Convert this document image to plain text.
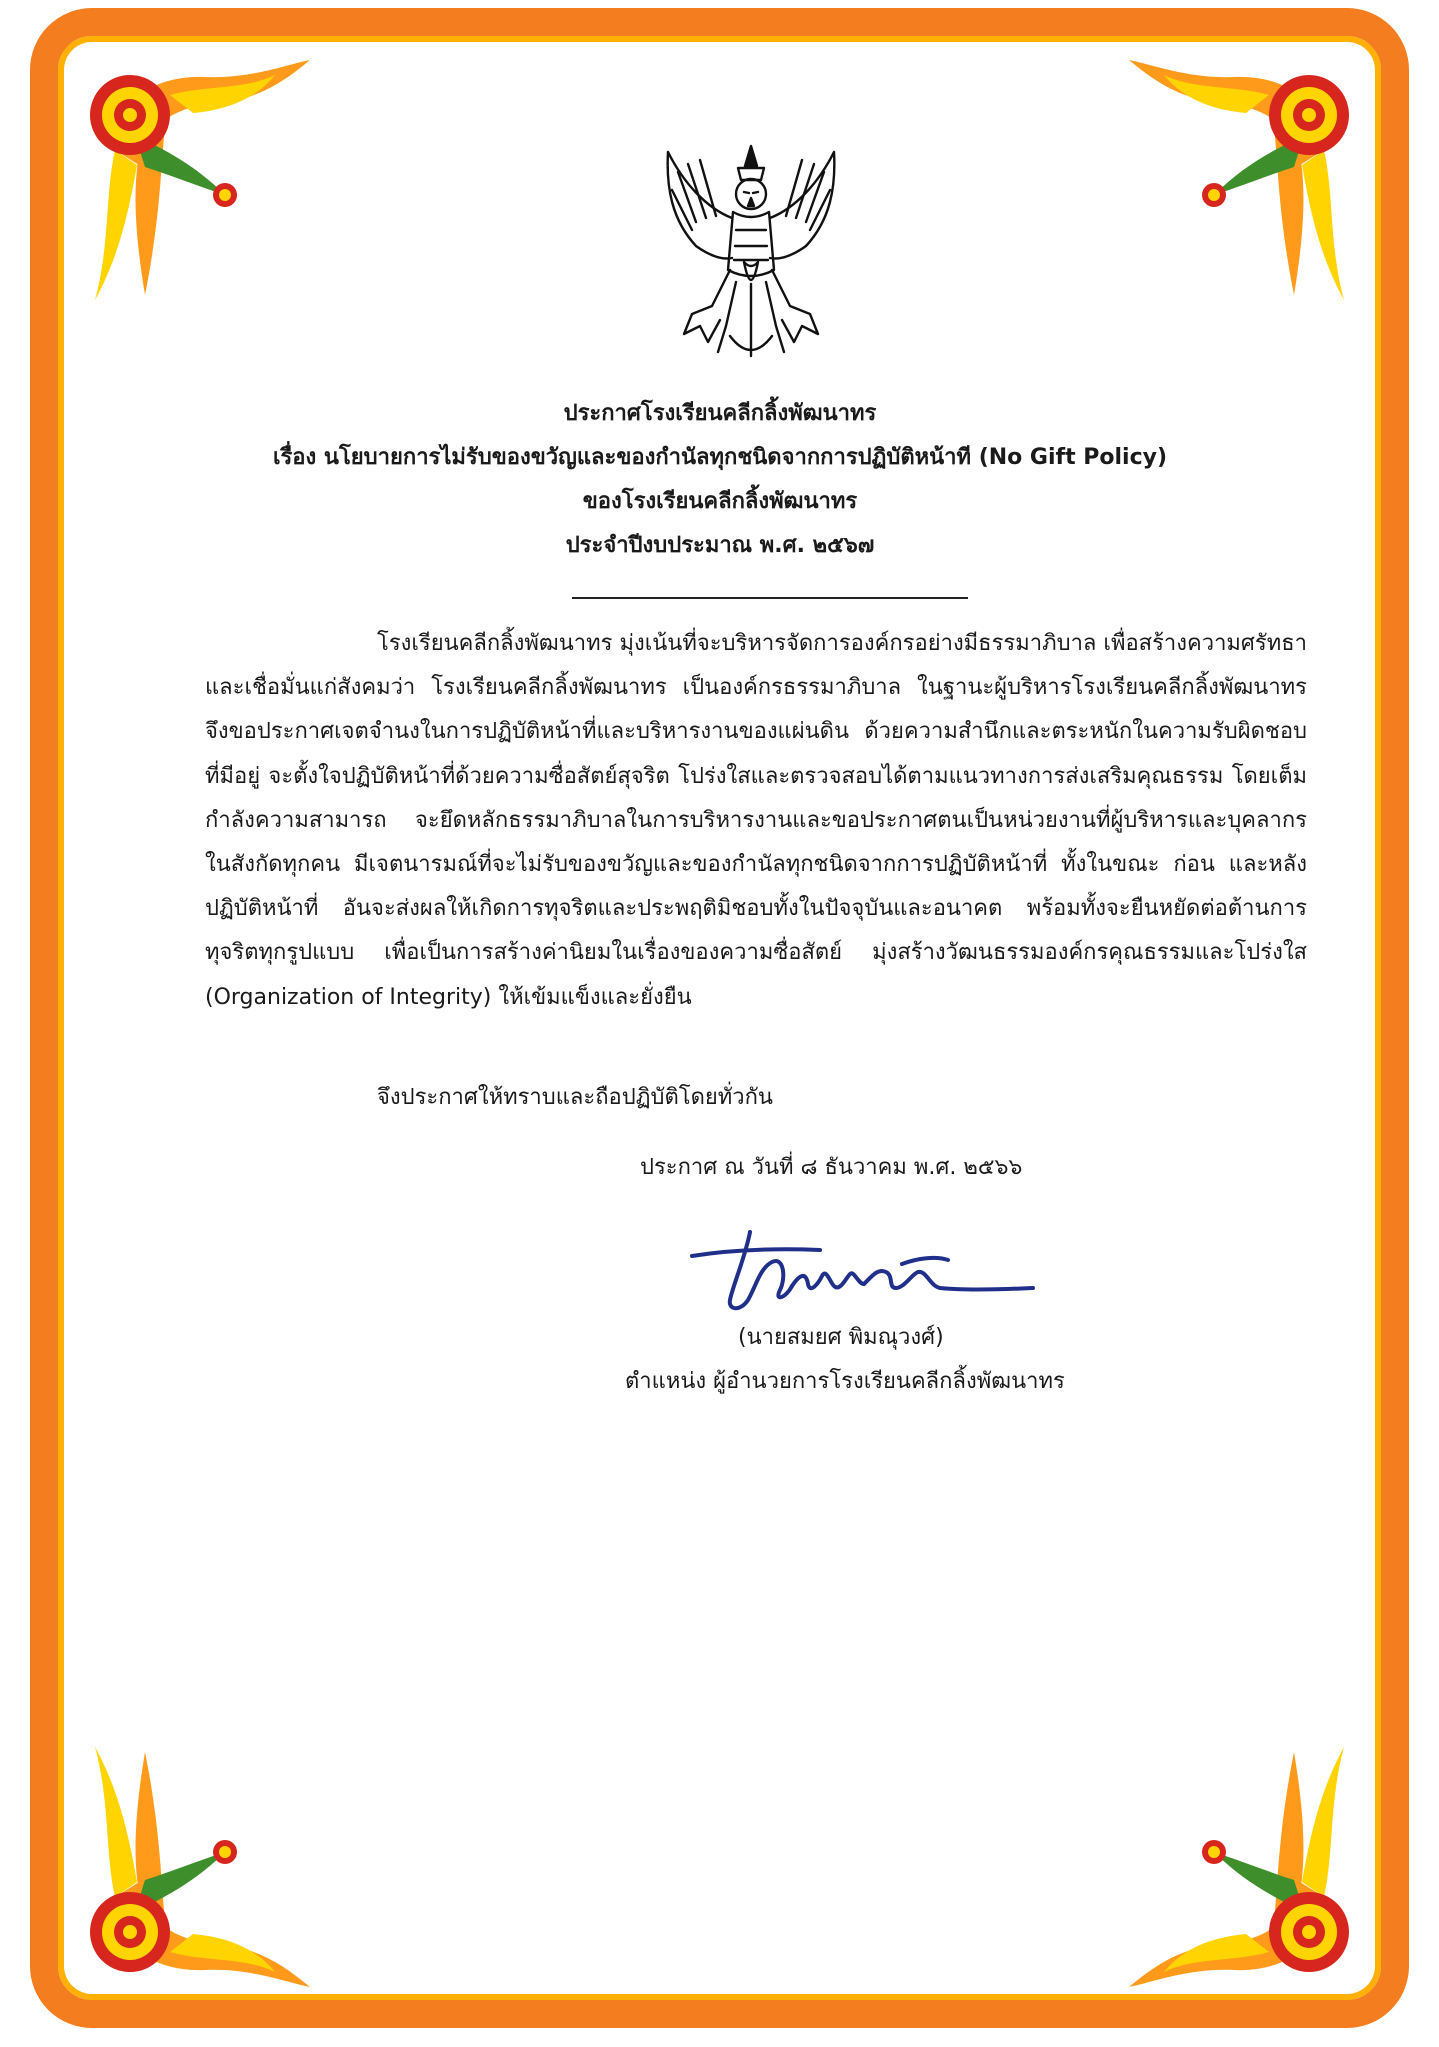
ประกาศโรงเรียนคลีกลิ้งพัฒนาทร
เรื่อง นโยบายการไม่รับของขวัญและของกำนัลทุกชนิดจากการปฏิบัติหน้าที (No Gift Policy)
ของโรงเรียนคลีกลิ้งพัฒนาทร
ประจำปีงบประมาณ พ.ศ. ๒๕๖๗
โรงเรียนคลีกลิ้งพัฒนาทร มุ่งเน้นที่จะบริหารจัดการองค์กรอย่างมีธรรมาภิบาล เพื่อสร้างความศรัทธาและเชื่อมั่นแก่สังคมว่า โรงเรียนคลีกลิ้งพัฒนาทร เป็นองค์กรธรรมาภิบาล ในฐานะผู้บริหารโรงเรียนคลีกลิ้งพัฒนาทร จึงขอประกาศเจตจำนงในการปฏิบัติหน้าที่และบริหารงานของแผ่นดิน ด้วยความสำนึกและตระหนักในความรับผิดชอบที่มีอยู่ จะตั้งใจปฏิบัติหน้าที่ด้วยความซื่อสัตย์สุจริต โปร่งใสและตรวจสอบได้ตามแนวทางการส่งเสริมคุณธรรม โดยเต็มกำลังความสามารถ จะยึดหลักธรรมาภิบาลในการบริหารงานและขอประกาศตนเป็นหน่วยงานที่ผู้บริหารและบุคลากรในสังกัดทุกคน มีเจตนารมณ์ที่จะไม่รับของขวัญและของกำนัลทุกชนิดจากการปฏิบัติหน้าที่ ทั้งในขณะ ก่อน และหลังปฏิบัติหน้าที่ อันจะส่งผลให้เกิดการทุจริตและประพฤติมิชอบทั้งในปัจจุบันและอนาคต พร้อมทั้งจะยืนหยัดต่อต้านการทุจริตทุกรูปแบบ เพื่อเป็นการสร้างค่านิยมในเรื่องของความซื่อสัตย์ มุ่งสร้างวัฒนธรรมองค์กรคุณธรรมและโปร่งใส (Organization of Integrity) ให้เข้มแข็งและยั่งยืน
จึงประกาศให้ทราบและถือปฏิบัติโดยทั่วกัน
ประกาศ ณ วันที่ ๘ ธันวาคม พ.ศ. ๒๕๖๖
(นายสมยศ พิมณุวงศ์)
ตำแหน่ง ผู้อำนวยการโรงเรียนคลีกลิ้งพัฒนาทร
